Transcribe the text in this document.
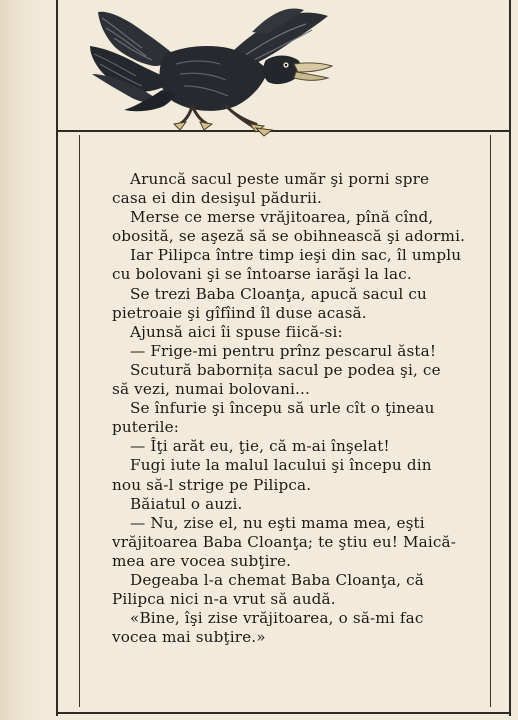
Aruncă sacul peste umăr şi porni spre
casa ei din desişul pădurii.
Merse ce merse vrăjitoarea, pînă cînd,
obosită, se aşeză să se obihnească şi adormi.
Iar Pilipca între timp ieşi din sac, îl umplu
cu bolovani şi se întoarse iarăşi la lac.
Se trezi Baba Cloanţa, apucă sacul cu
pietroaie şi gîfîind îl duse acasă.
Ajunsă aici îi spuse fiică-si:
— Frige-mi pentru prînz pescarul ăsta!
Scutură babornița sacul pe podea şi, ce
să vezi, numai bolovani...
Se înfurie şi începu să urle cît o ţineau
puterile:
— Îţi arăt eu, ţie, că m-ai înşelat!
Fugi iute la malul lacului şi începu din
nou să-l strige pe Pilipca.
Băiatul o auzi.
— Nu, zise el, nu eşti mama mea, eşti
vrăjitoarea Baba Cloanţa; te ştiu eu! Maică-
mea are vocea subţire.
Degeaba l-a chemat Baba Cloanţa, că
Pilipca nici n-a vrut să audă.
«Bine, îşi zise vrăjitoarea, o să-mi fac
vocea mai subţire.»
